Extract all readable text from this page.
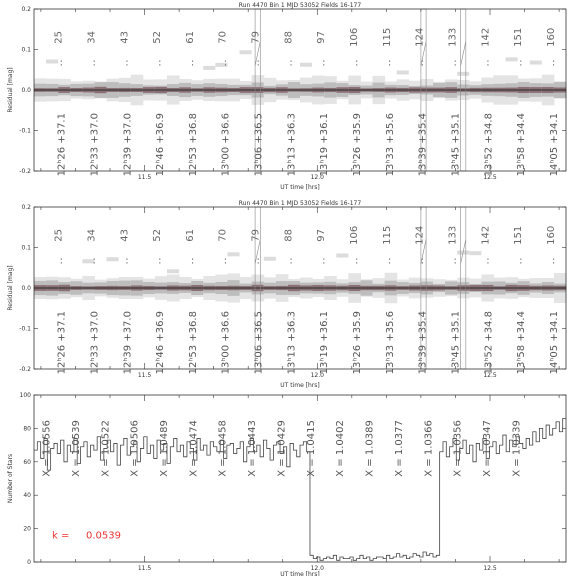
Run 4470 Bin 1 MJD 53052 Fields 16-177
25
:
12ʰ26 +37.1
34
:
12ʰ33 +37.0
43
:
12ʰ39 +37.0
52
:
12ʰ46 +36.9
61
:
12ʰ53 +36.8
70
:
13ʰ00 +36.6
79
:
13ʰ06 +36.5
88
:
13ʰ13 +36.3
97
:
13ʰ19 +36.1
106
:
13ʰ26 +35.9
115
:
13ʰ33 +35.6
124
:
13ʰ39 +35.4
133
:
13ʰ45 +35.1
142
:
13ʰ52 +34.8
151
:
13ʰ58 +34.4
160
:
14ʰ05 +34.1
-0.2
-0.1
0.0
0.1
0.2
11.5	12.0	12.5
UT time [hrs]
Residual [mag]
Run 4470 Bin 1 MJD 53052 Fields 16-177
25
:
12ʰ26 +37.1
34
:
12ʰ33 +37.0
43
:
12ʰ39 +37.0
52
:
12ʰ46 +36.9
61
:
12ʰ53 +36.8
70
:
13ʰ00 +36.6
79
:
13ʰ06 +36.5
88
:
13ʰ13 +36.3
97
:
13ʰ19 +36.1
106
:
13ʰ26 +35.9
115
:
13ʰ33 +35.6
124
:
13ʰ39 +35.4
133
:
13ʰ45 +35.1
142
:
13ʰ52 +34.8
151
:
13ʰ58 +34.4
160
:
14ʰ05 +34.1
-0.2
-0.1
0.0
0.1
0.2
11.5	12.0	12.5
UT time [hrs]
Residual [mag]
X = 1.0556 X = 1.0539 X = 1.0522 X = 1.0506 X = 1.0489 X = 1.0474 X = 1.0458 X = 1.0443 X = 1.0429 X = 1.0415 X = 1.0402 X = 1.0389 X = 1.0377 X = 1.0366 X = 1.0356 X = 1.0347 X = 1.0339
k = 0.0539
0
20
40
60
80
100
11.5	12.0	12.5
UT time [hrs]
Number of Stars
